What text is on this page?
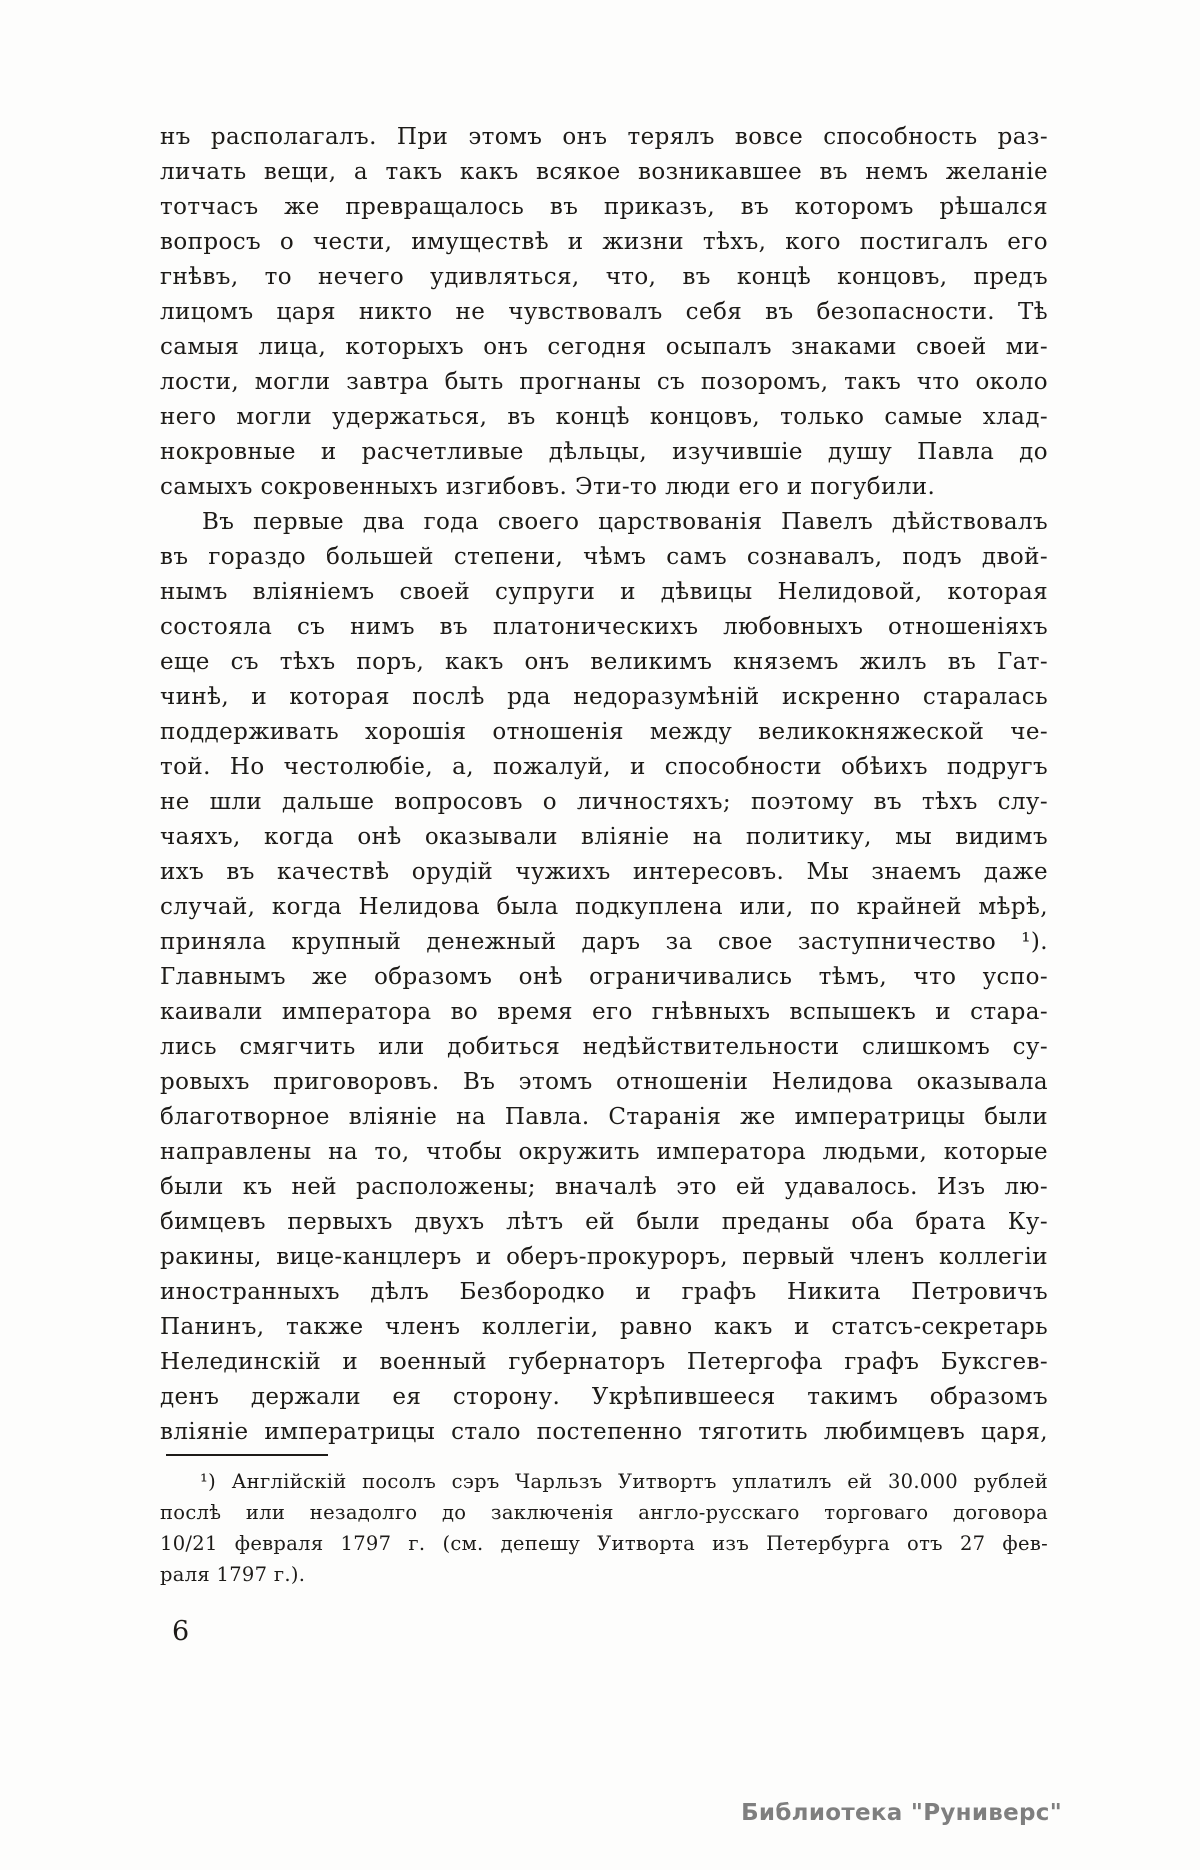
нъ располагалъ. При этомъ онъ терялъ вовсе способность раз-
личать вещи, а такъ какъ всякое возникавшее въ немъ желаніе
тотчасъ же превращалось въ приказъ, въ которомъ рѣшался
вопросъ о чести, имуществѣ и жизни тѣхъ, кого постигалъ его
гнѣвъ, то нечего удивляться, что, въ концѣ концовъ, предъ
лицомъ царя никто не чувствовалъ себя въ безопасности. Тѣ
самыя лица, которыхъ онъ сегодня осыпалъ знаками своей ми-
лости, могли завтра быть прогнаны съ позоромъ, такъ что около
него могли удержаться, въ концѣ концовъ, только самые хлад-
нокровные и расчетливые дѣльцы, изучившіе душу Павла до
самыхъ сокровенныхъ изгибовъ. Эти-то люди его и погубили.
Въ первые два года своего царствованія Павелъ дѣйствовалъ
въ гораздо большей степени, чѣмъ самъ сознавалъ, подъ двой-
нымъ вліяніемъ своей супруги и дѣвицы Нелидовой, которая
состояла съ нимъ въ платоническихъ любовныхъ отношеніяхъ
еще съ тѣхъ поръ, какъ онъ великимъ княземъ жилъ въ Гат-
чинѣ, и которая послѣ рда недоразумѣній искренно старалась
поддерживать хорошія отношенія между великокняжеской че-
той. Но честолюбіе, а, пожалуй, и способности обѣихъ подругъ
не шли дальше вопросовъ о личностяхъ; поэтому въ тѣхъ слу-
чаяхъ, когда онѣ оказывали вліяніе на политику, мы видимъ
ихъ въ качествѣ орудій чужихъ интересовъ. Мы знаемъ даже
случай, когда Нелидова была подкуплена или, по крайней мѣрѣ,
приняла крупный денежный даръ за свое заступничество ¹).
Главнымъ же образомъ онѣ ограничивались тѣмъ, что успо-
каивали императора во время его гнѣвныхъ вспышекъ и стара-
лись смягчить или добиться недѣйствительности слишкомъ су-
ровыхъ приговоровъ. Въ этомъ отношеніи Нелидова оказывала
благотворное вліяніе на Павла. Старанія же императрицы были
направлены на то, чтобы окружить императора людьми, которые
были къ ней расположены; вначалѣ это ей удавалось. Изъ лю-
бимцевъ первыхъ двухъ лѣтъ ей были преданы оба брата Ку-
ракины, вице-канцлеръ и оберъ-прокуроръ, первый членъ коллегіи
иностранныхъ дѣлъ Безбородко и графъ Никита Петровичъ
Панинъ, также членъ коллегіи, равно какъ и статсъ-секретарь
Нелединскій и военный губернаторъ Петергофа графъ Буксгев-
денъ держали ея сторону. Укрѣпившееся такимъ образомъ
вліяніе императрицы стало постепенно тяготить любимцевъ царя,
¹) Англійскій посолъ сэръ Чарльзъ Уитвортъ уплатилъ ей 30.000 рублей
послѣ или незадолго до заключенія англо-русскаго торговаго договора
10/21 февраля 1797 г. (см. депешу Уитворта изъ Петербурга отъ 27 фев-
раля 1797 г.).
6
Библиотека "Руниверс"
